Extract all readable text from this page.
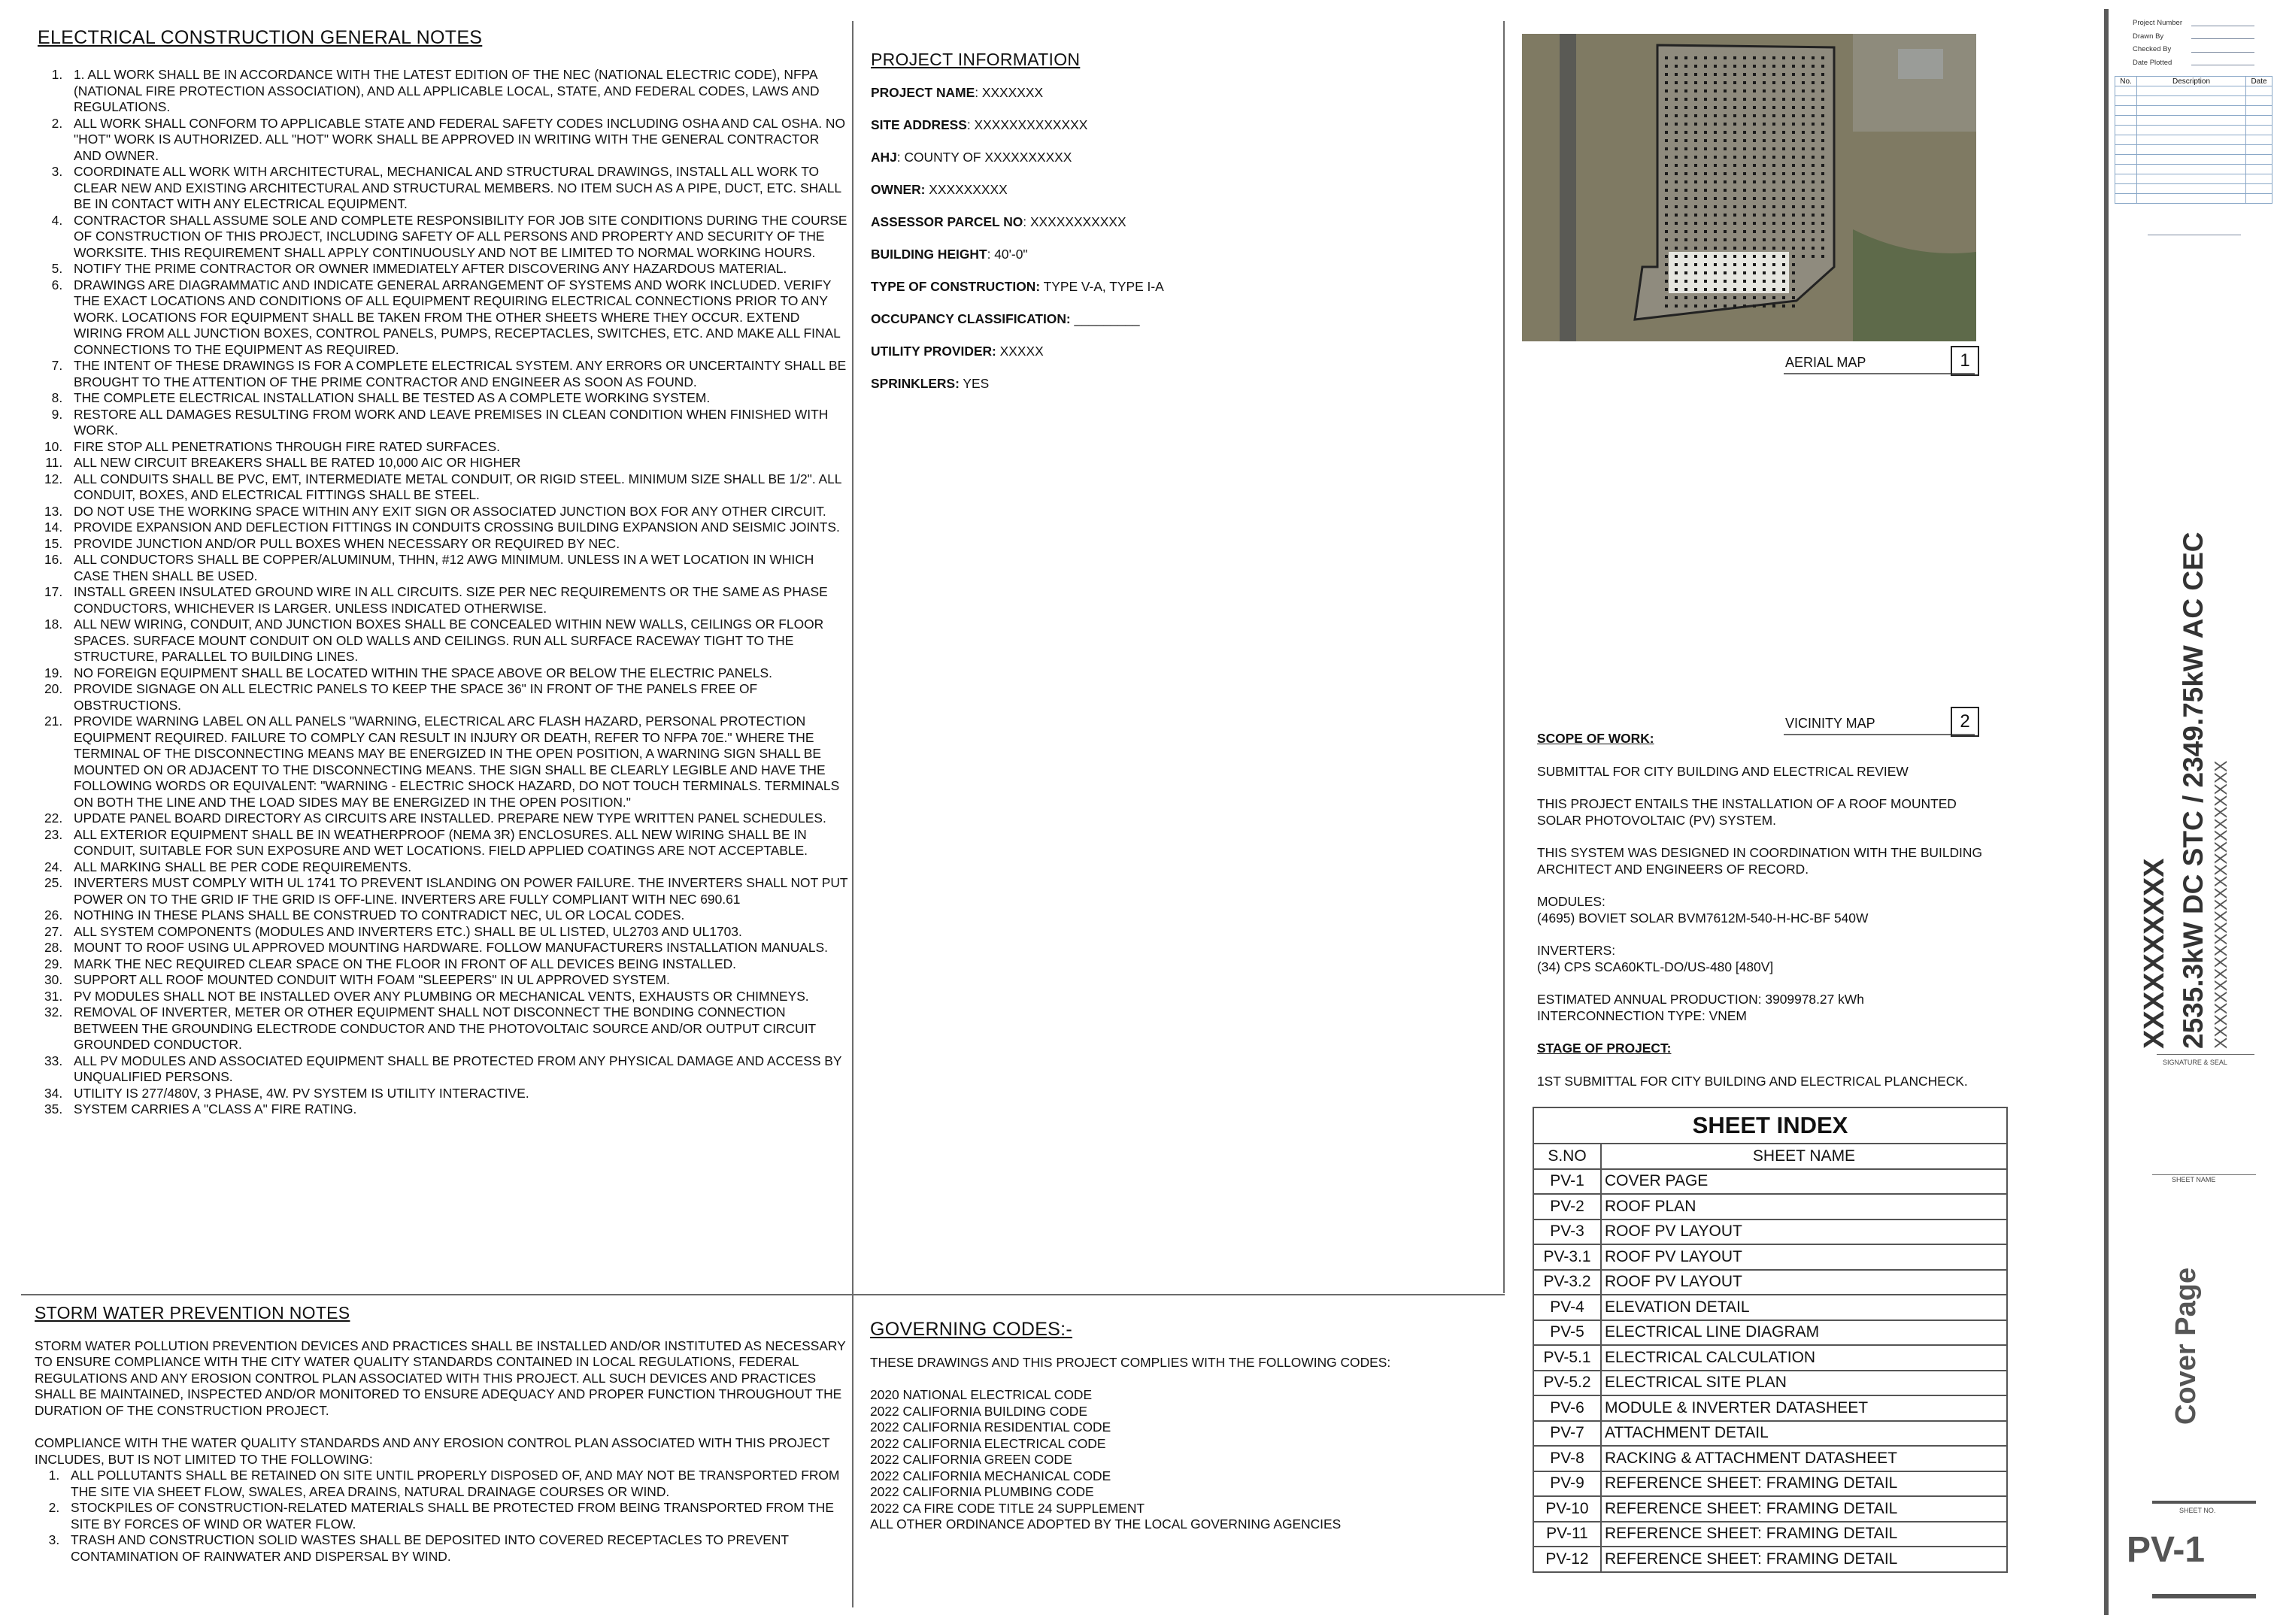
ELECTRICAL CONSTRUCTION GENERAL NOTES
1. 1. ALL WORK SHALL BE IN ACCORDANCE WITH THE LATEST EDITION OF THE NEC (NATIONAL ELECTRIC CODE), NFPA (NATIONAL FIRE PROTECTION ASSOCIATION), AND ALL APPLICABLE LOCAL, STATE, AND FEDERAL CODES, LAWS AND REGULATIONS.
2. ALL WORK SHALL CONFORM TO APPLICABLE STATE AND FEDERAL SAFETY CODES INCLUDING OSHA AND CAL OSHA. NO "HOT" WORK IS AUTHORIZED. ALL "HOT" WORK SHALL BE APPROVED IN WRITING WITH THE GENERAL CONTRACTOR AND OWNER.
3. COORDINATE ALL WORK WITH ARCHITECTURAL, MECHANICAL AND STRUCTURAL DRAWINGS, INSTALL ALL WORK TO CLEAR NEW AND EXISTING ARCHITECTURAL AND STRUCTURAL MEMBERS. NO ITEM SUCH AS A PIPE, DUCT, ETC. SHALL BE IN CONTACT WITH ANY ELECTRICAL EQUIPMENT.
4. CONTRACTOR SHALL ASSUME SOLE AND COMPLETE RESPONSIBILITY FOR JOB SITE CONDITIONS DURING THE COURSE OF CONSTRUCTION OF THIS PROJECT, INCLUDING SAFETY OF ALL PERSONS AND PROPERTY AND SECURITY OF THE WORKSITE. THIS REQUIREMENT SHALL APPLY CONTINUOUSLY AND NOT BE LIMITED TO NORMAL WORKING HOURS.
5. NOTIFY THE PRIME CONTRACTOR OR OWNER IMMEDIATELY AFTER DISCOVERING ANY HAZARDOUS MATERIAL.
6. DRAWINGS ARE DIAGRAMMATIC AND INDICATE GENERAL ARRANGEMENT OF SYSTEMS AND WORK INCLUDED. VERIFY THE EXACT LOCATIONS AND CONDITIONS OF ALL EQUIPMENT REQUIRING ELECTRICAL CONNECTIONS PRIOR TO ANY WORK. LOCATIONS FOR EQUIPMENT SHALL BE TAKEN FROM THE OTHER SHEETS WHERE THEY OCCUR. EXTEND WIRING FROM ALL JUNCTION BOXES, CONTROL PANELS, PUMPS, RECEPTACLES, SWITCHES, ETC. AND MAKE ALL FINAL CONNECTIONS TO THE EQUIPMENT AS REQUIRED.
7. THE INTENT OF THESE DRAWINGS IS FOR A COMPLETE ELECTRICAL SYSTEM. ANY ERRORS OR UNCERTAINTY SHALL BE BROUGHT TO THE ATTENTION OF THE PRIME CONTRACTOR AND ENGINEER AS SOON AS FOUND.
8. THE COMPLETE ELECTRICAL INSTALLATION SHALL BE TESTED AS A COMPLETE WORKING SYSTEM.
9. RESTORE ALL DAMAGES RESULTING FROM WORK AND LEAVE PREMISES IN CLEAN CONDITION WHEN FINISHED WITH WORK.
10. FIRE STOP ALL PENETRATIONS THROUGH FIRE RATED SURFACES.
11. ALL NEW CIRCUIT BREAKERS SHALL BE RATED 10,000 AIC OR HIGHER
12. ALL CONDUITS SHALL BE PVC, EMT, INTERMEDIATE METAL CONDUIT, OR RIGID STEEL. MINIMUM SIZE SHALL BE 1/2". ALL CONDUIT, BOXES, AND ELECTRICAL FITTINGS SHALL BE STEEL.
13. DO NOT USE THE WORKING SPACE WITHIN ANY EXIT SIGN OR ASSOCIATED JUNCTION BOX FOR ANY OTHER CIRCUIT.
14. PROVIDE EXPANSION AND DEFLECTION FITTINGS IN CONDUITS CROSSING BUILDING EXPANSION AND SEISMIC JOINTS.
15. PROVIDE JUNCTION AND/OR PULL BOXES WHEN NECESSARY OR REQUIRED BY NEC.
16. ALL CONDUCTORS SHALL BE COPPER/ALUMINUM, THHN, #12 AWG MINIMUM. UNLESS IN A WET LOCATION IN WHICH CASE THEN SHALL BE USED.
17. INSTALL GREEN INSULATED GROUND WIRE IN ALL CIRCUITS. SIZE PER NEC REQUIREMENTS OR THE SAME AS PHASE CONDUCTORS, WHICHEVER IS LARGER. UNLESS INDICATED OTHERWISE.
18. ALL NEW WIRING, CONDUIT, AND JUNCTION BOXES SHALL BE CONCEALED WITHIN NEW WALLS, CEILINGS OR FLOOR SPACES. SURFACE MOUNT CONDUIT ON OLD WALLS AND CEILINGS. RUN ALL SURFACE RACEWAY TIGHT TO THE STRUCTURE, PARALLEL TO BUILDING LINES.
19. NO FOREIGN EQUIPMENT SHALL BE LOCATED WITHIN THE SPACE ABOVE OR BELOW THE ELECTRIC PANELS.
20. PROVIDE SIGNAGE ON ALL ELECTRIC PANELS TO KEEP THE SPACE 36" IN FRONT OF THE PANELS FREE OF OBSTRUCTIONS.
21. PROVIDE WARNING LABEL ON ALL PANELS "WARNING, ELECTRICAL ARC FLASH HAZARD, PERSONAL PROTECTION EQUIPMENT REQUIRED. FAILURE TO COMPLY CAN RESULT IN INJURY OR DEATH, REFER TO NFPA 70E." WHERE THE TERMINAL OF THE DISCONNECTING MEANS MAY BE ENERGIZED IN THE OPEN POSITION, A WARNING SIGN SHALL BE MOUNTED ON OR ADJACENT TO THE DISCONNECTING MEANS. THE SIGN SHALL BE CLEARLY LEGIBLE AND HAVE THE FOLLOWING WORDS OR EQUIVALENT: "WARNING - ELECTRIC SHOCK HAZARD, DO NOT TOUCH TERMINALS. TERMINALS ON BOTH THE LINE AND THE LOAD SIDES MAY BE ENERGIZED IN THE OPEN POSITION."
22. UPDATE PANEL BOARD DIRECTORY AS CIRCUITS ARE INSTALLED. PREPARE NEW TYPE WRITTEN PANEL SCHEDULES.
23. ALL EXTERIOR EQUIPMENT SHALL BE IN WEATHERPROOF (NEMA 3R) ENCLOSURES. ALL NEW WIRING SHALL BE IN CONDUIT, SUITABLE FOR SUN EXPOSURE AND WET LOCATIONS. FIELD APPLIED COATINGS ARE NOT ACCEPTABLE.
24. ALL MARKING SHALL BE PER CODE REQUIREMENTS.
25. INVERTERS MUST COMPLY WITH UL 1741 TO PREVENT ISLANDING ON POWER FAILURE. THE INVERTERS SHALL NOT PUT POWER ON TO THE GRID IF THE GRID IS OFF-LINE. INVERTERS ARE FULLY COMPLIANT WITH NEC 690.61
26. NOTHING IN THESE PLANS SHALL BE CONSTRUED TO CONTRADICT NEC, UL OR LOCAL CODES.
27. ALL SYSTEM COMPONENTS (MODULES AND INVERTERS ETC.) SHALL BE UL LISTED, UL2703 AND UL1703.
28. MOUNT TO ROOF USING UL APPROVED MOUNTING HARDWARE. FOLLOW MANUFACTURERS INSTALLATION MANUALS.
29. MARK THE NEC REQUIRED CLEAR SPACE ON THE FLOOR IN FRONT OF ALL DEVICES BEING INSTALLED.
30. SUPPORT ALL ROOF MOUNTED CONDUIT WITH FOAM "SLEEPERS" IN UL APPROVED SYSTEM.
31. PV MODULES SHALL NOT BE INSTALLED OVER ANY PLUMBING OR MECHANICAL VENTS, EXHAUSTS OR CHIMNEYS.
32. REMOVAL OF INVERTER, METER OR OTHER EQUIPMENT SHALL NOT DISCONNECT THE BONDING CONNECTION BETWEEN THE GROUNDING ELECTRODE CONDUCTOR AND THE PHOTOVOLTAIC SOURCE AND/OR OUTPUT CIRCUIT GROUNDED CONDUCTOR.
33. ALL PV MODULES AND ASSOCIATED EQUIPMENT SHALL BE PROTECTED FROM ANY PHYSICAL DAMAGE AND ACCESS BY UNQUALIFIED PERSONS.
34. UTILITY IS 277/480V, 3 PHASE, 4W. PV SYSTEM IS UTILITY INTERACTIVE.
35. SYSTEM CARRIES A "CLASS A" FIRE RATING.
PROJECT INFORMATION
PROJECT NAME: XXXXXXX
SITE ADDRESS: XXXXXXXXXXXXX
AHJ: COUNTY OF XXXXXXXXXX
OWNER: XXXXXXXXX
ASSESSOR PARCEL NO: XXXXXXXXXXX
BUILDING HEIGHT: 40'-0"
TYPE OF CONSTRUCTION: TYPE V-A, TYPE I-A
OCCUPANCY CLASSIFICATION: _________
UTILITY PROVIDER: XXXXX
SPRINKLERS: YES
AERIAL MAP	1
VICINITY MAP	2

SCOPE OF WORK:

SUBMITTAL FOR CITY BUILDING AND ELECTRICAL REVIEW

THIS PROJECT ENTAILS THE INSTALLATION OF A ROOF MOUNTED SOLAR PHOTOVOLTAIC (PV) SYSTEM.

THIS SYSTEM WAS DESIGNED IN COORDINATION WITH THE BUILDING ARCHITECT AND ENGINEERS OF RECORD.

MODULES:
(4695) BOVIET SOLAR BVM7612M-540-H-HC-BF 540W

INVERTERS:
(34) CPS SCA60KTL-DO/US-480 [480V]

ESTIMATED ANNUAL PRODUCTION: 3909978.27 kWh
INTERCONNECTION TYPE: VNEM

STAGE OF PROJECT:

1ST SUBMITTAL FOR CITY BUILDING AND ELECTRICAL PLANCHECK.

SHEET INDEX	
S.NO	SHEET NAME
PV-1	COVER PAGE
PV-2	ROOF PLAN
PV-3	ROOF PV LAYOUT
PV-3.1	ROOF PV LAYOUT
PV-3.2	ROOF PV LAYOUT
PV-4	ELEVATION DETAIL
PV-5	ELECTRICAL LINE DIAGRAM
PV-5.1	ELECTRICAL CALCULATION
PV-5.2	ELECTRICAL SITE PLAN
PV-6	MODULE & INVERTER DATASHEET
PV-7	ATTACHMENT DETAIL
PV-8	RACKING & ATTACHMENT DATASHEET
PV-9	REFERENCE SHEET: FRAMING DETAIL
PV-10	REFERENCE SHEET: FRAMING DETAIL
PV-11	REFERENCE SHEET: FRAMING DETAIL
PV-12	REFERENCE SHEET: FRAMING DETAIL
STORM WATER PREVENTION NOTES

STORM WATER POLLUTION PREVENTION DEVICES AND PRACTICES SHALL BE INSTALLED AND/OR INSTITUTED AS NECESSARY TO ENSURE COMPLIANCE WITH THE CITY WATER QUALITY STANDARDS CONTAINED IN LOCAL REGULATIONS, FEDERAL REGULATIONS AND ANY EROSION CONTROL PLAN ASSOCIATED WITH THIS PROJECT. ALL SUCH DEVICES AND PRACTICES SHALL BE MAINTAINED, INSPECTED AND/OR MONITORED TO ENSURE ADEQUACY AND PROPER FUNCTION THROUGHOUT THE DURATION OF THE CONSTRUCTION PROJECT.

COMPLIANCE WITH THE WATER QUALITY STANDARDS AND ANY EROSION CONTROL PLAN ASSOCIATED WITH THIS PROJECT INCLUDES, BUT IS NOT LIMITED TO THE FOLLOWING:

1. ALL POLLUTANTS SHALL BE RETAINED ON SITE UNTIL PROPERLY DISPOSED OF, AND MAY NOT BE TRANSPORTED FROM THE SITE VIA SHEET FLOW, SWALES, AREA DRAINS, NATURAL DRAINAGE COURSES OR WIND.
2. STOCKPILES OF CONSTRUCTION-RELATED MATERIALS SHALL BE PROTECTED FROM BEING TRANSPORTED FROM THE SITE BY FORCES OF WIND OR WATER FLOW.
3. TRASH AND CONSTRUCTION SOLID WASTES SHALL BE DEPOSITED INTO COVERED RECEPTACLES TO PREVENT CONTAMINATION OF RAINWATER AND DISPERSAL BY WIND.
GOVERNING CODES:-
THESE DRAWINGS AND THIS PROJECT COMPLIES WITH THE FOLLOWING CODES:
2020 NATIONAL ELECTRICAL CODE
2022 CALIFORNIA BUILDING CODE
2022 CALIFORNIA RESIDENTIAL CODE
2022 CALIFORNIA ELECTRICAL CODE
2022 CALIFORNIA GREEN CODE
2022 CALIFORNIA MECHANICAL CODE
2022 CALIFORNIA PLUMBING CODE
2022 CA FIRE CODE TITLE 24 SUPPLEMENT
ALL OTHER ORDINANCE ADOPTED BY THE LOCAL GOVERNING AGENCIES
Project Number
Drawn By
Checked By
Date Plotted
No.	Description	Date

XXXXXXXXXX 2535.3kW DC STC / 2349.75kW AC CEC XXXXXXXXXXXXXXXXXXXXXXXXX
SIGNATURE & SEAL
SHEET NAME
Cover Page
SHEET NO.
PV-1
